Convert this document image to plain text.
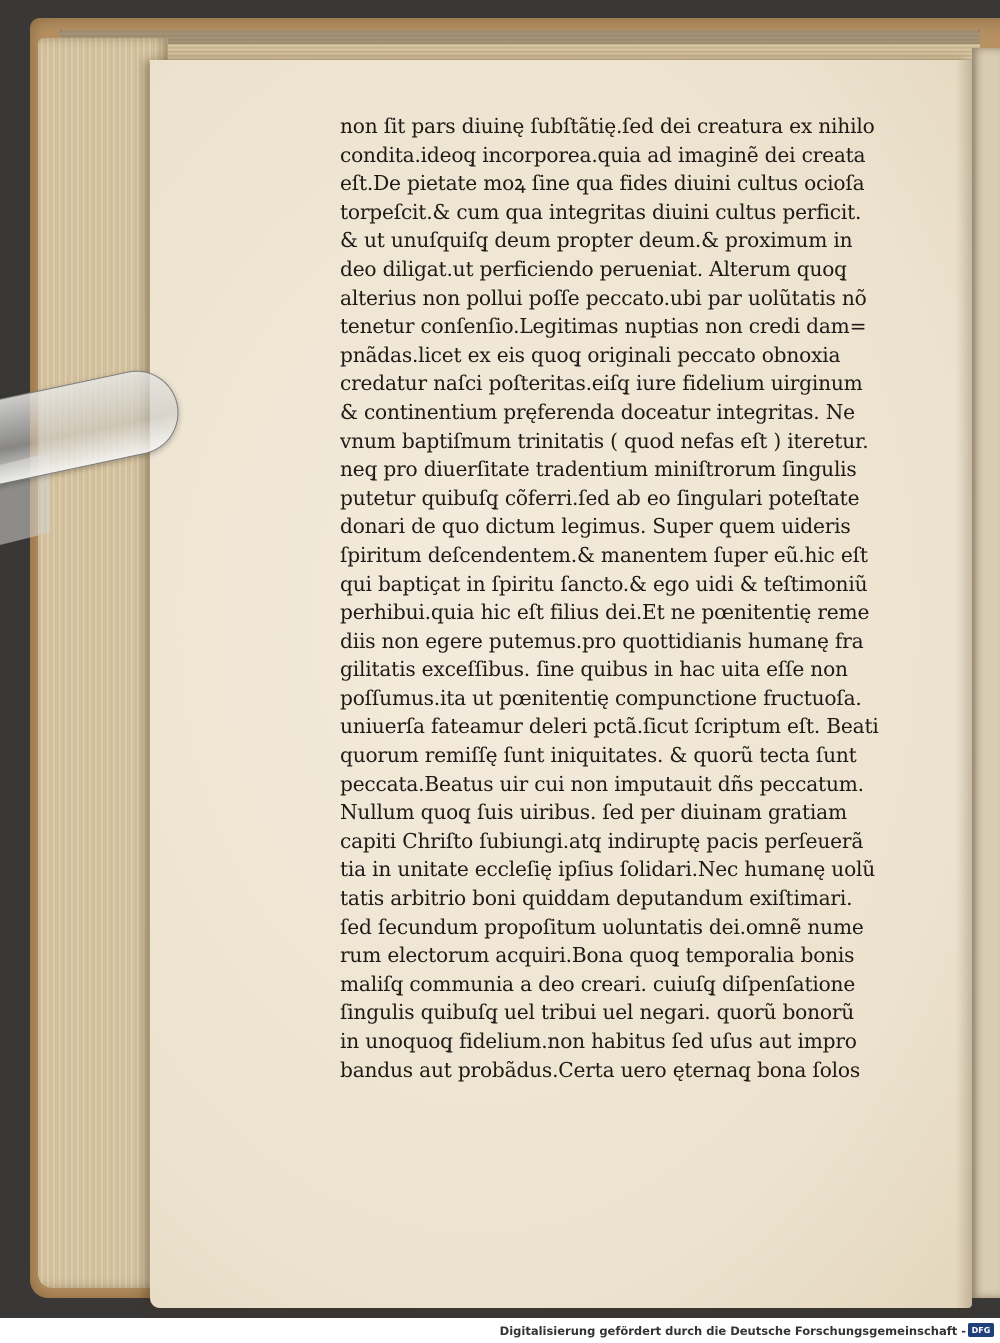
non ſit pars diuinę ſubſtãtię.ſed dei creatura ex nihilo
condita.ideoq̧ incorporea.quia ad imaginẽ dei creata
eſt.De pietate moꝝ ſine qua fides diuini cultus ocioſa
torpeſcit.& cum qua integritas diuini cultus perficit.
& ut unuſquiſq̧ deum propter deum.& proximum in
deo diligat.ut perficiendo perueniat. Alterum quoq̧
alterius non pollui poſſe peccato.ubi par uolũtatis nõ
tenetur conſenſio.Legitimas nuptias non credi dam=
pnãdas.licet ex eis quoq̧ originali peccato obnoxia
credatur naſci poſteritas.eiſq̧ iure fidelium uirginum
& continentium pręferenda doceatur integritas. Ne
vnum baptiſmum trinitatis ( quod nefas eſt ) iteretur.
neq̧ pro diuerſitate tradentium miniſtrorum ſingulis
putetur quibuſq̧ cõferri.ſed ab eo ſingulari poteſtate
donari de quo dictum legimus. Super quem uideris
ſpiritum deſcendentem.& manentem ſuper eũ.hic eſt
qui baptiçat in ſpiritu ſancto.& ego uidi & teſtimoniũ
perhibui.quia hic eſt filius dei.Et ne pœnitentię reme
diis non egere putemus.pro quottidianis humanę fra
gilitatis exceſſibus. ſine quibus in hac uita eſſe non
poſſumus.ita ut pœnitentię compunctione fructuoſa.
uniuerſa fateamur deleri pctã.ſicut ſcriptum eſt. Beati
quorum remiſſę ſunt iniquitates. & quorũ tecta ſunt
peccata.Beatus uir cui non imputauit dñs peccatum.
Nullum quoq̧ ſuis uiribus. ſed per diuinam gratiam
capiti Chriſto ſubiungi.atq̧ indiruptę pacis perſeuerã
tia in unitate eccleſię ipſius ſolidari.Nec humanę uolũ
tatis arbitrio boni quiddam deputandum exiſtimari.
ſed ſecundum propoſitum uoluntatis dei.omnẽ nume
rum electorum acquiri.Bona quoq̧ temporalia bonis
maliſq̧ communia a deo creari. cuiuſq̧ diſpenſatione
ſingulis quibuſq̧ uel tribui uel negari. quorũ bonorũ
in unoquoq̧ fidelium.non habitus ſed uſus aut impro
bandus aut probãdus.Certa uero ęternaq̧ bona ſolos
Digitalisierung gefördert durch die Deutsche Forschungsgemeinschaft - DFG
